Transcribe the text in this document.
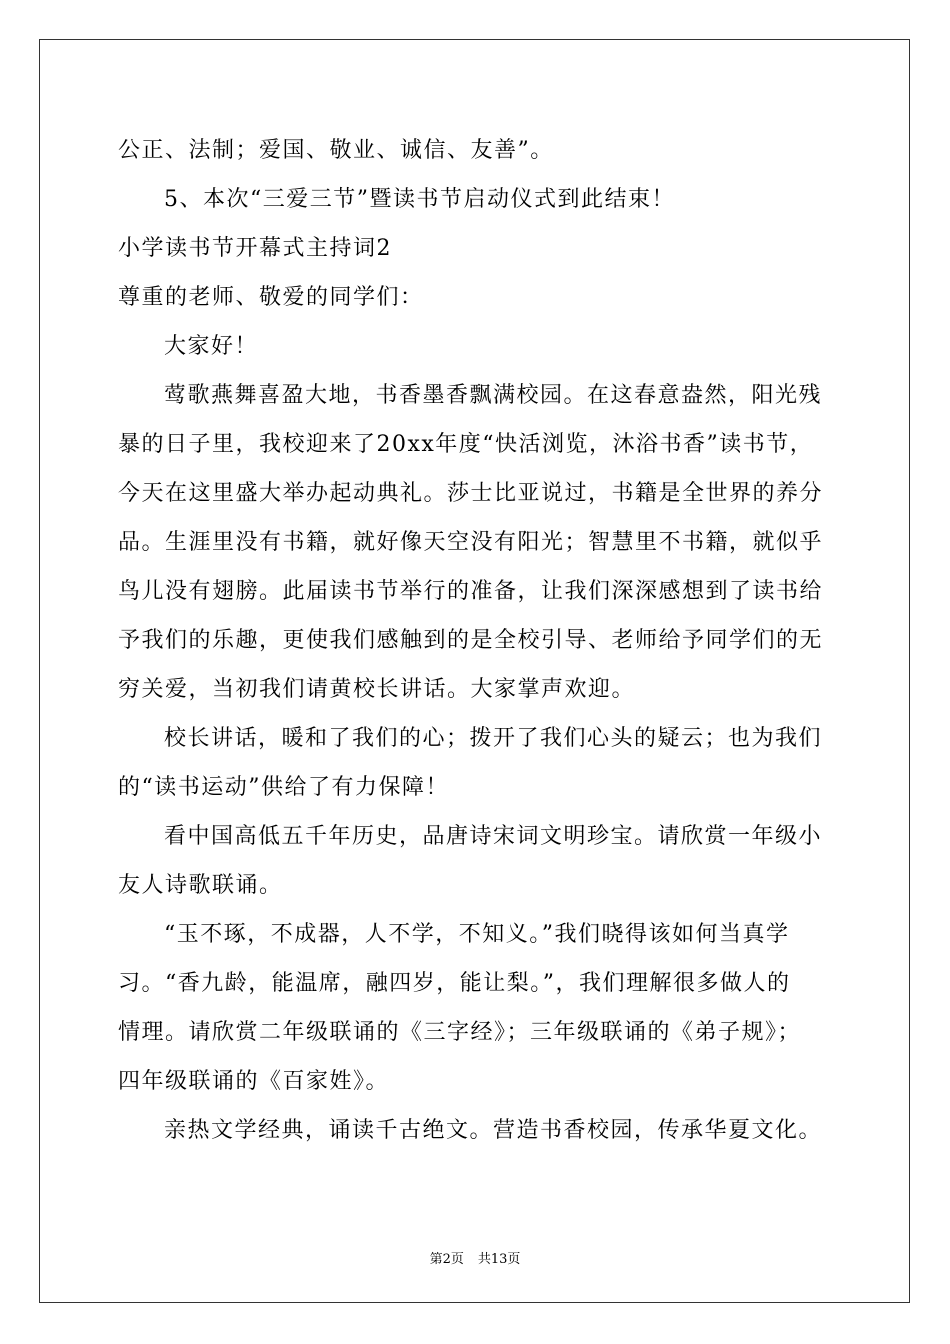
公正、法制；爱国、敬业、诚信、友善”。
5、本次“三爱三节”暨读书节启动仪式到此结束！
小学读书节开幕式主持词2
尊重的老师、敬爱的同学们：
大家好！
莺歌燕舞喜盈大地，书香墨香飘满校园。在这春意盎然，阳光残
暴的日子里，我校迎来了20xx年度“快活浏览，沐浴书香”读书节，
今天在这里盛大举办起动典礼。莎士比亚说过，书籍是全世界的养分
品。生涯里没有书籍，就好像天空没有阳光；智慧里不书籍，就似乎
鸟儿没有翅膀。此届读书节举行的准备，让我们深深感想到了读书给
予我们的乐趣，更使我们感触到的是全校引导、老师给予同学们的无
穷关爱，当初我们请黄校长讲话。大家掌声欢迎。
校长讲话，暖和了我们的心；拨开了我们心头的疑云；也为我们
的“读书运动”供给了有力保障！
看中国高低五千年历史，品唐诗宋词文明珍宝。请欣赏一年级小
友人诗歌联诵。
“玉不琢，不成器，人不学，不知义。”我们晓得该如何当真学
习。“香九龄，能温席，融四岁，能让梨。”，我们理解很多做人的
情理。请欣赏二年级联诵的《三字经》；三年级联诵的《弟子规》；
四年级联诵的《百家姓》。
亲热文学经典，诵读千古绝文。营造书香校园，传承华夏文化。
第2页 共13页
